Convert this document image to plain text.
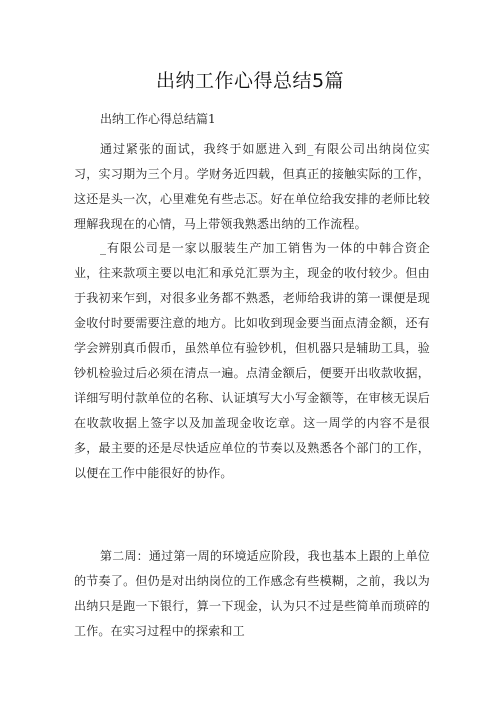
出纳工作心得总结5篇
出纳工作心得总结篇1
通过紧张的面试，我终于如愿进入到_有限公司出纳岗位实习，实习期为三个月。学财务近四载，但真正的接触实际的工作，这还是头一次，心里难免有些忐忑。好在单位给我安排的老师比较理解我现在的心情，马上带领我熟悉出纳的工作流程。
_有限公司是一家以服装生产加工销售为一体的中韩合资企业，往来款项主要以电汇和承兑汇票为主，现金的收付较少。但由于我初来乍到，对很多业务都不熟悉，老师给我讲的第一课便是现金收付时要需要注意的地方。比如收到现金要当面点清金额，还有学会辨别真币假币，虽然单位有验钞机，但机器只是辅助工具，验钞机检验过后必须在清点一遍。点清金额后，便要开出收款收据，详细写明付款单位的名称、认证填写大小写金额等，在审核无误后在收款收据上签字以及加盖现金收讫章。这一周学的内容不是很多，最主要的还是尽快适应单位的节奏以及熟悉各个部门的工作，以便在工作中能很好的协作。
第二周：通过第一周的环境适应阶段，我也基本上跟的上单位的节奏了。但仍是对出纳岗位的工作感念有些模糊，之前，我以为出纳只是跑一下银行，算一下现金，认为只不过是些简单而琐碎的工作。在实习过程中的探索和工
